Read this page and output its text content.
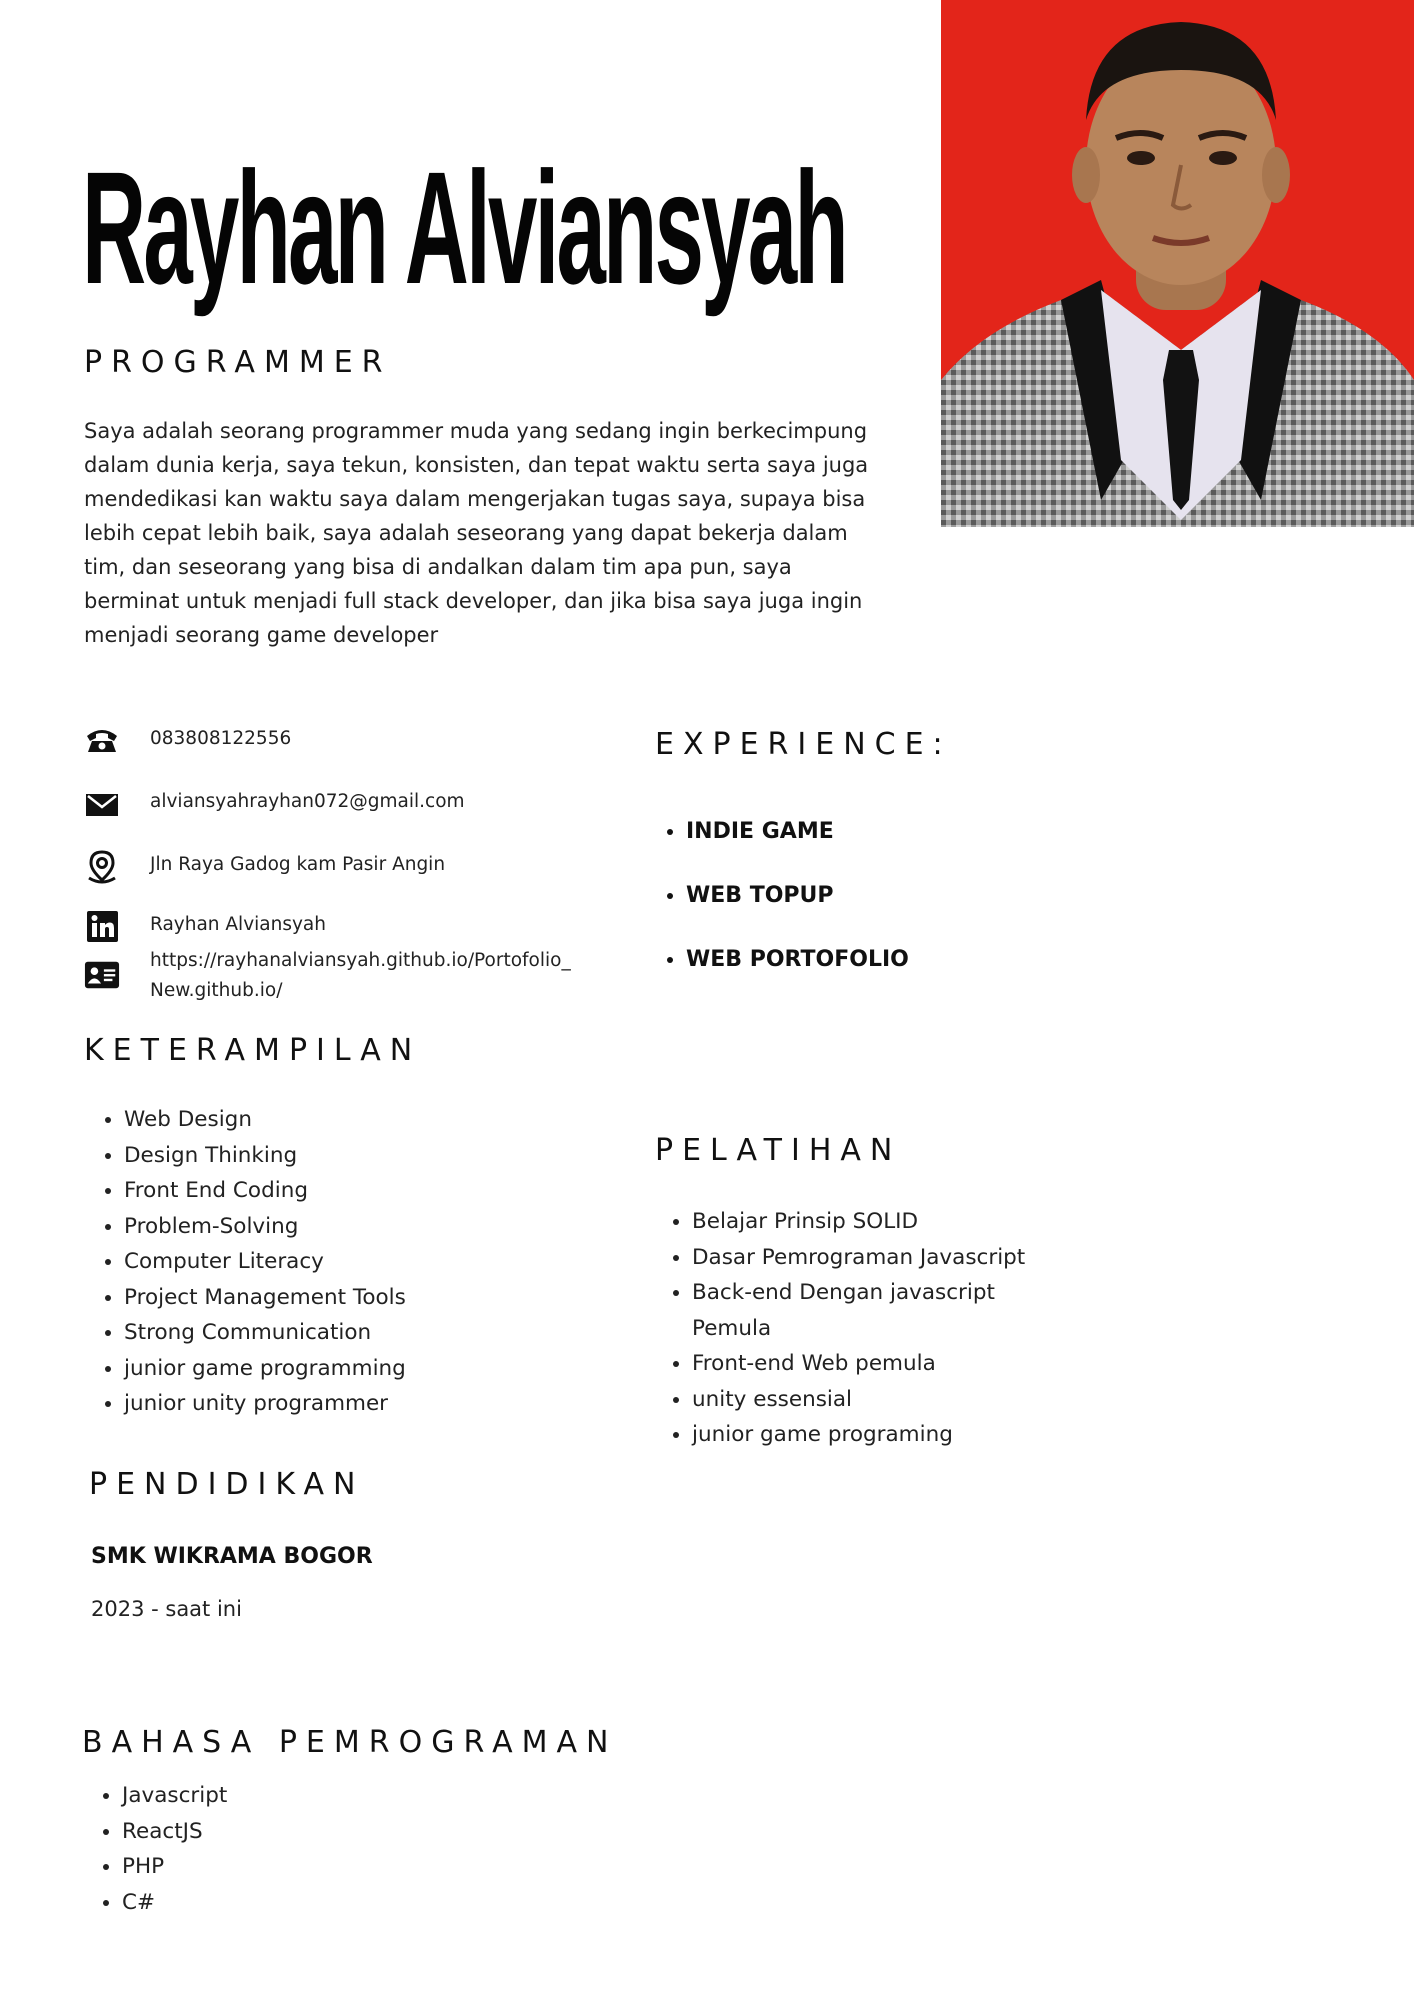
Rayhan Alviansyah
PROGRAMMER
Saya adalah seorang programmer muda yang sedang ingin berkecimpung dalam dunia kerja, saya tekun, konsisten, dan tepat waktu serta saya juga mendedikasi kan waktu saya dalam mengerjakan tugas saya, supaya bisa lebih cepat lebih baik, saya adalah seseorang yang dapat bekerja dalam tim, dan seseorang yang bisa di andalkan dalam tim apa pun, saya berminat untuk menjadi full stack developer, dan jika bisa saya juga ingin menjadi seorang game developer
083808122556
alviansyahrayhan072@gmail.com
Jln Raya Gadog kam Pasir Angin
Rayhan Alviansyah
https://rayhanalviansyah.github.io/Portofolio_ New.github.io/
EXPERIENCE:
• INDIE GAME
• WEB TOPUP
• WEB PORTOFOLIO
KETERAMPILAN
• Web Design
• Design Thinking
• Front End Coding
• Problem-Solving
• Computer Literacy
• Project Management Tools
• Strong Communication
• junior game programming
• junior unity programmer
PELATIHAN
• Belajar Prinsip SOLID
• Dasar Pemrograman Javascript
• Back-end Dengan javascript Pemula
• Front-end Web pemula
• unity essensial
• junior game programing
PENDIDIKAN
SMK WIKRAMA BOGOR
2023 - saat ini
BAHASA PEMROGRAMAN
• Javascript
• ReactJS
• PHP
• C#
